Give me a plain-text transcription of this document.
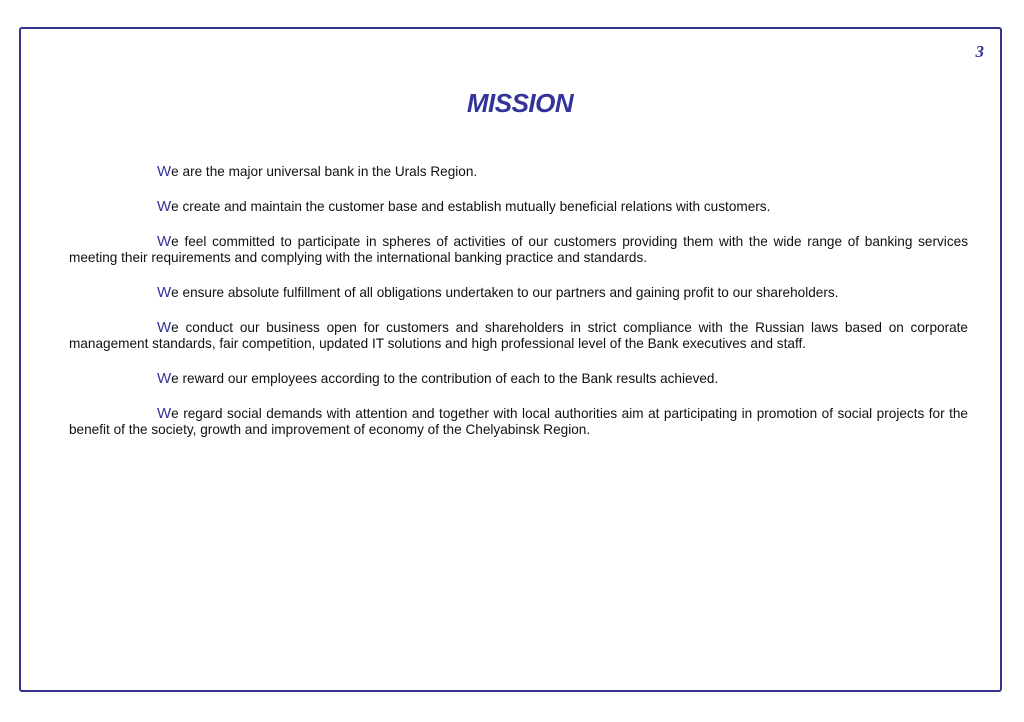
3
MISSION

We are the major universal bank in the Urals Region.

We create and maintain the customer base and establish mutually beneficial relations with customers.

We feel committed to participate in spheres of activities of our customers providing them with the wide range of banking services meeting their requirements and complying with the international banking practice and standards.

We ensure absolute fulfillment of all obligations undertaken to our partners and gaining profit to our shareholders.

We conduct our business open for customers and shareholders in strict compliance with the Russian laws based on corporate management standards, fair competition, updated IT solutions and high professional level of the Bank executives and staff.

We reward our employees according to the contribution of each to the Bank results achieved.

We regard social demands with attention and together with local authorities aim at participating in promotion of social projects for the benefit of the society, growth and improvement of economy of the Chelyabinsk Region.
